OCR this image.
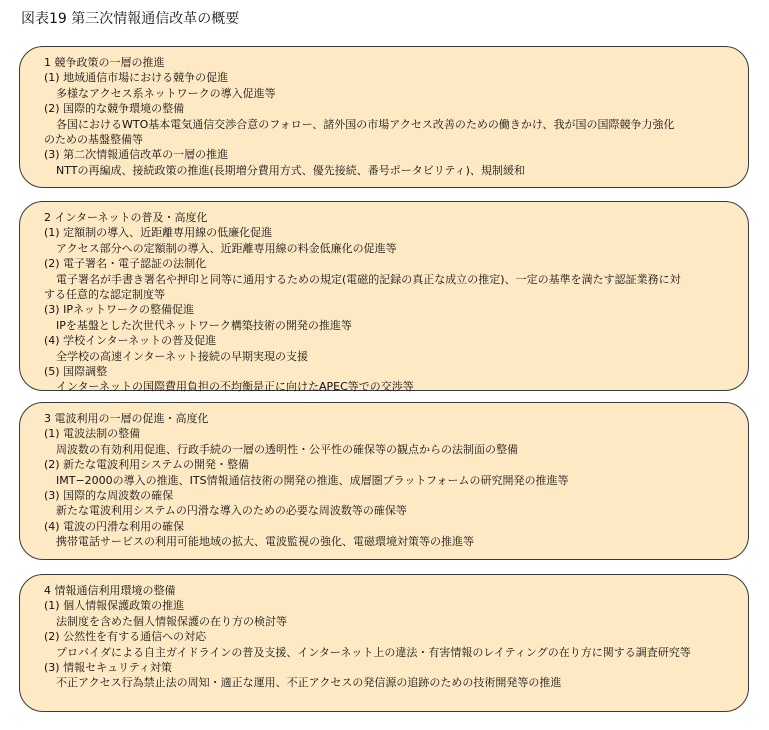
図表19 第三次情報通信改革の概要
1 競争政策の一層の推進
(1) 地域通信市場における競争の促進
多様なアクセス系ネットワークの導入促進等
(2) 国際的な競争環境の整備
各国におけるWTO基本電気通信交渉合意のフォロー、諸外国の市場アクセス改善のための働きかけ、我が国の国際競争力強化
のための基盤整備等
(3) 第二次情報通信改革の一層の推進
NTTの再編成、接続政策の推進(長期増分費用方式、優先接続、番号ポータビリティ)、規制緩和
2 インターネットの普及・高度化
(1) 定額制の導入、近距離専用線の低廉化促進
アクセス部分への定額制の導入、近距離専用線の料金低廉化の促進等
(2) 電子署名・電子認証の法制化
電子署名が手書き署名や押印と同等に通用するための規定(電磁的記録の真正な成立の推定)、一定の基準を満たす認証業務に対
する任意的な認定制度等
(3) IPネットワークの整備促進
IPを基盤とした次世代ネットワーク構築技術の開発の推進等
(4) 学校インターネットの普及促進
全学校の高速インターネット接続の早期実現の支援
(5) 国際調整
インターネットの国際費用負担の不均衡是正に向けたAPEC等での交渉等
3 電波利用の一層の促進・高度化
(1) 電波法制の整備
周波数の有効利用促進、行政手続の一層の透明性・公平性の確保等の観点からの法制面の整備
(2) 新たな電波利用システムの開発・整備
IMT−2000の導入の推進、ITS情報通信技術の開発の推進、成層圏プラットフォームの研究開発の推進等
(3) 国際的な周波数の確保
新たな電波利用システムの円滑な導入のための必要な周波数等の確保等
(4) 電波の円滑な利用の確保
携帯電話サービスの利用可能地域の拡大、電波監視の強化、電磁環境対策等の推進等
4 情報通信利用環境の整備
(1) 個人情報保護政策の推進
法制度を含めた個人情報保護の在り方の検討等
(2) 公然性を有する通信への対応
プロバイダによる自主ガイドラインの普及支援、インターネット上の違法・有害情報のレイティングの在り方に関する調査研究等
(3) 情報セキュリティ対策
不正アクセス行為禁止法の周知・適正な運用、不正アクセスの発信源の追跡のための技術開発等の推進
